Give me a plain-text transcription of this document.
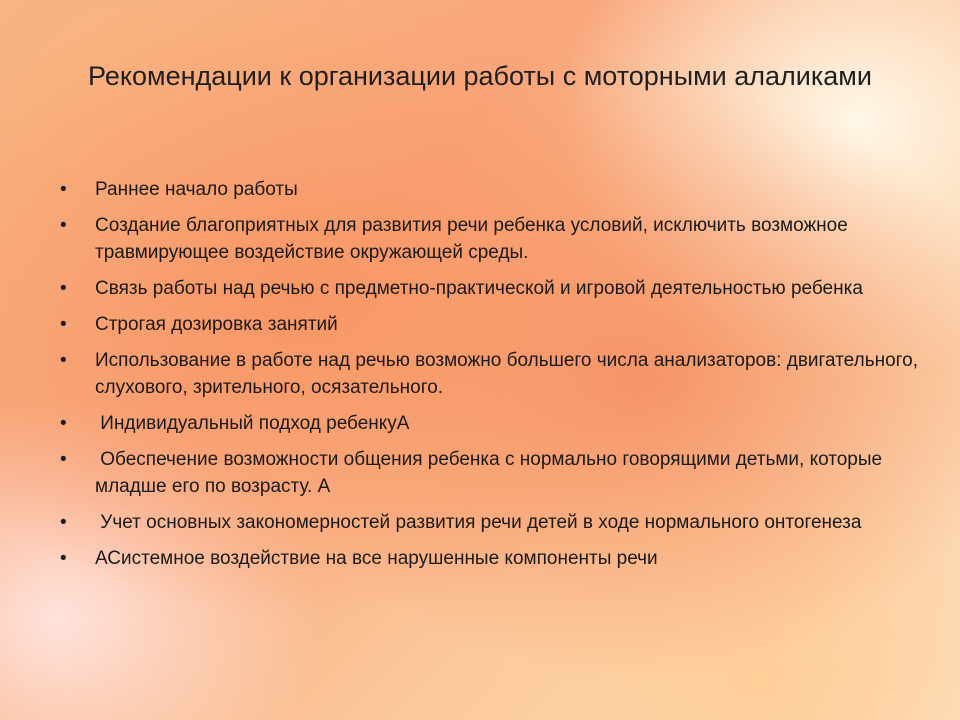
Рекомендации к организации работы с моторными алаликами
• Раннее начало работы
• Создание благоприятных для развития речи ребенка условий, исключить возможное травмирующее воздействие окружающей среды.
• Связь работы над речью с предметно-практической и игровой деятельностью ребенка
• Строгая дозировка занятий
• Использование в работе над речью возможно большего числа анализаторов: двигательного, слухового, зрительного, осязательного.
• Индивидуальный подход ребенкуА
• Обеспечение возможности общения ребенка с нормально говорящими детьми, которые младше его по возрасту. А
• Учет основных закономерностей развития речи детей в ходе нормального онтогенеза
• АСистемное воздействие на все нарушенные компоненты речи
